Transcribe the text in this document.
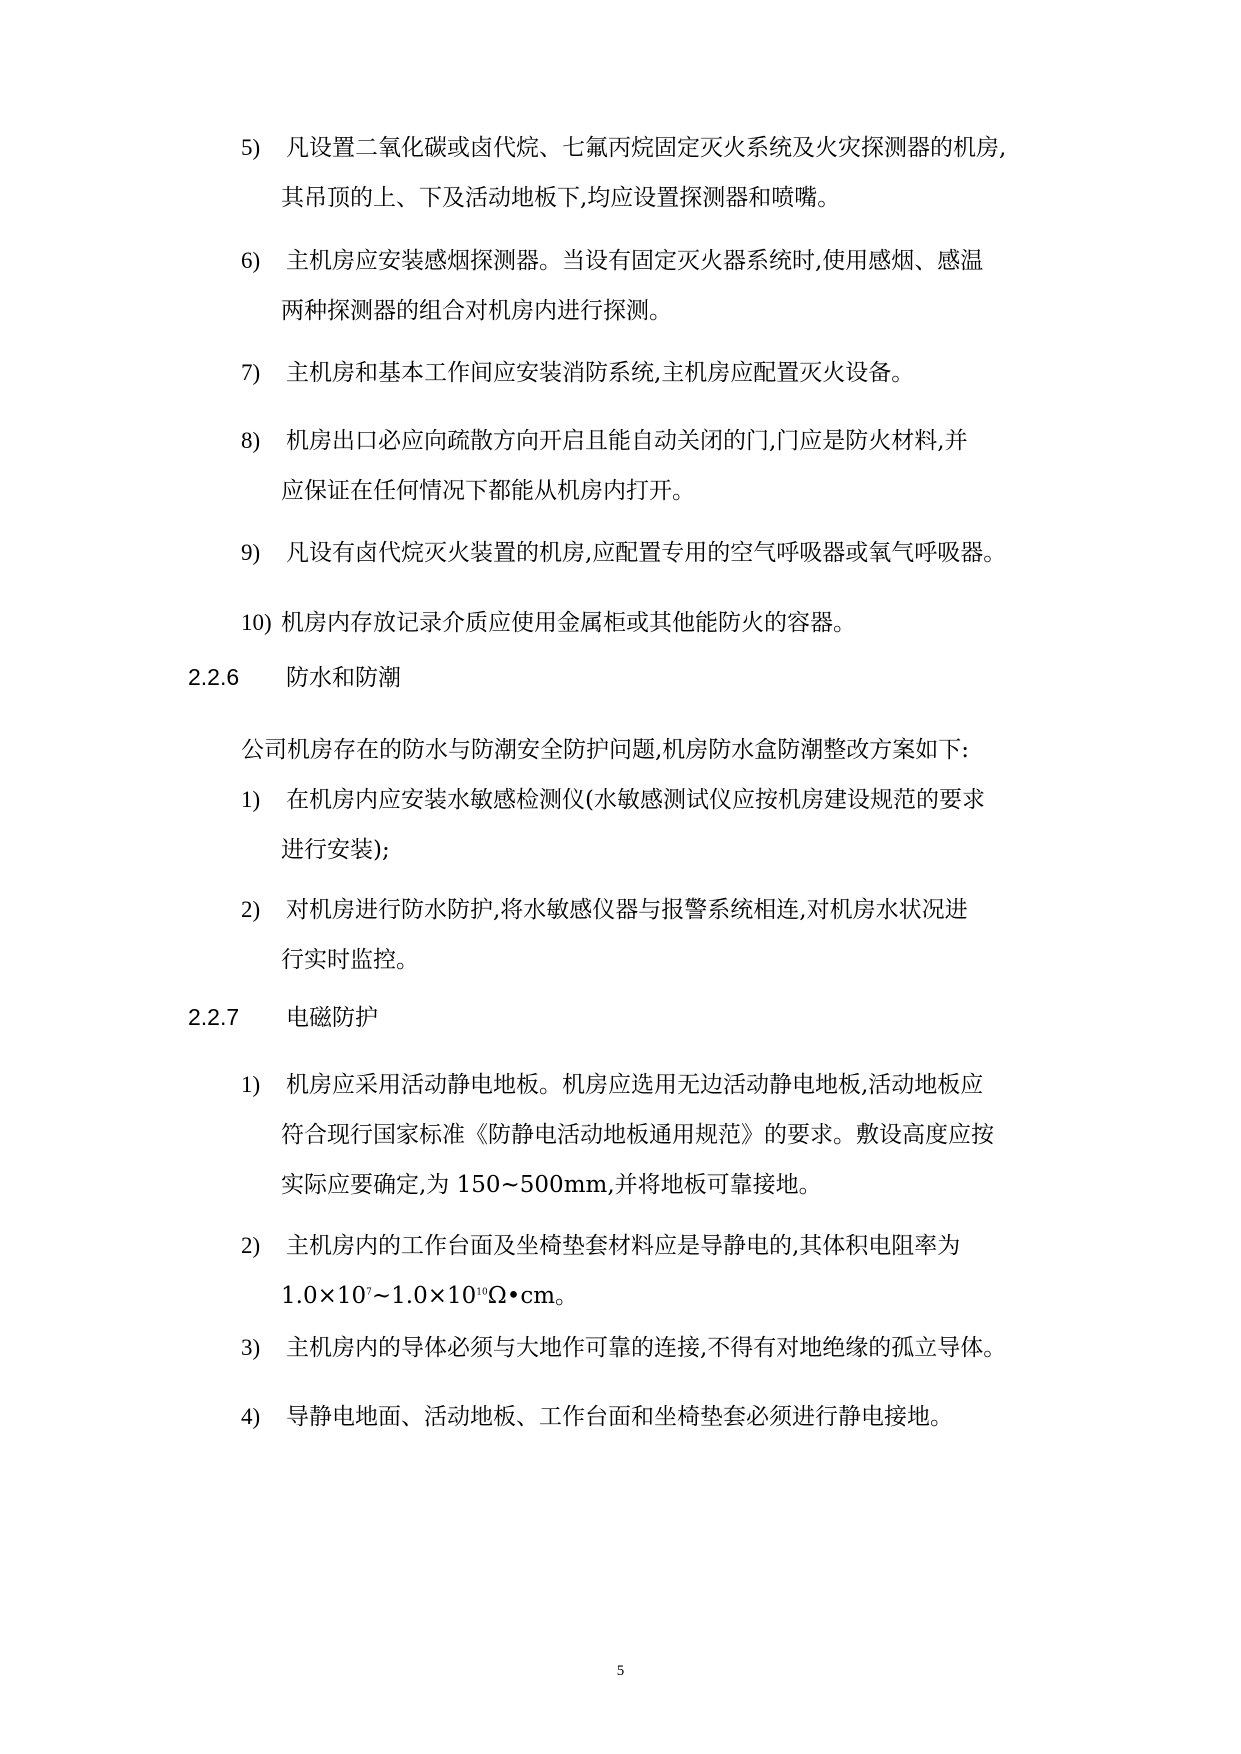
5)	凡设置二氧化碳或卤代烷、七氟丙烷固定灭火系统及火灾探测器的机房,
其吊顶的上、下及活动地板下,均应设置探测器和喷嘴。
6)	主机房应安装感烟探测器。当设有固定灭火器系统时,使用感烟、感温
两种探测器的组合对机房内进行探测。
7)	主机房和基本工作间应安装消防系统,主机房应配置灭火设备。
8)	机房出口必应向疏散方向开启且能自动关闭的门,门应是防火材料,并
应保证在任何情况下都能从机房内打开。
9)	凡设有卤代烷灭火装置的机房,应配置专用的空气呼吸器或氧气呼吸器。
10) 机房内存放记录介质应使用金属柜或其他能防火的容器。
2.2.6 防水和防潮
公司机房存在的防水与防潮安全防护问题,机房防水盒防潮整改方案如下:
1)	在机房内应安装水敏感检测仪(水敏感测试仪应按机房建设规范的要求
进行安装);
2)	对机房进行防水防护,将水敏感仪器与报警系统相连,对机房水状况进
行实时监控。
2.2.7 电磁防护
1)	机房应采用活动静电地板。机房应选用无边活动静电地板,活动地板应
符合现行国家标准《防静电活动地板通用规范》的要求。敷设高度应按
实际应要确定,为 150~500mm,并将地板可靠接地。
2)	主机房内的工作台面及坐椅垫套材料应是导静电的,其体积电阻率为
$1.0\times 10^7\sim 1.0\times 10^{10}\Omega•cm$。
3)	主机房内的导体必须与大地作可靠的连接,不得有对地绝缘的孤立导体。
4)	导静电地面、活动地板、工作台面和坐椅垫套必须进行静电接地。
5
